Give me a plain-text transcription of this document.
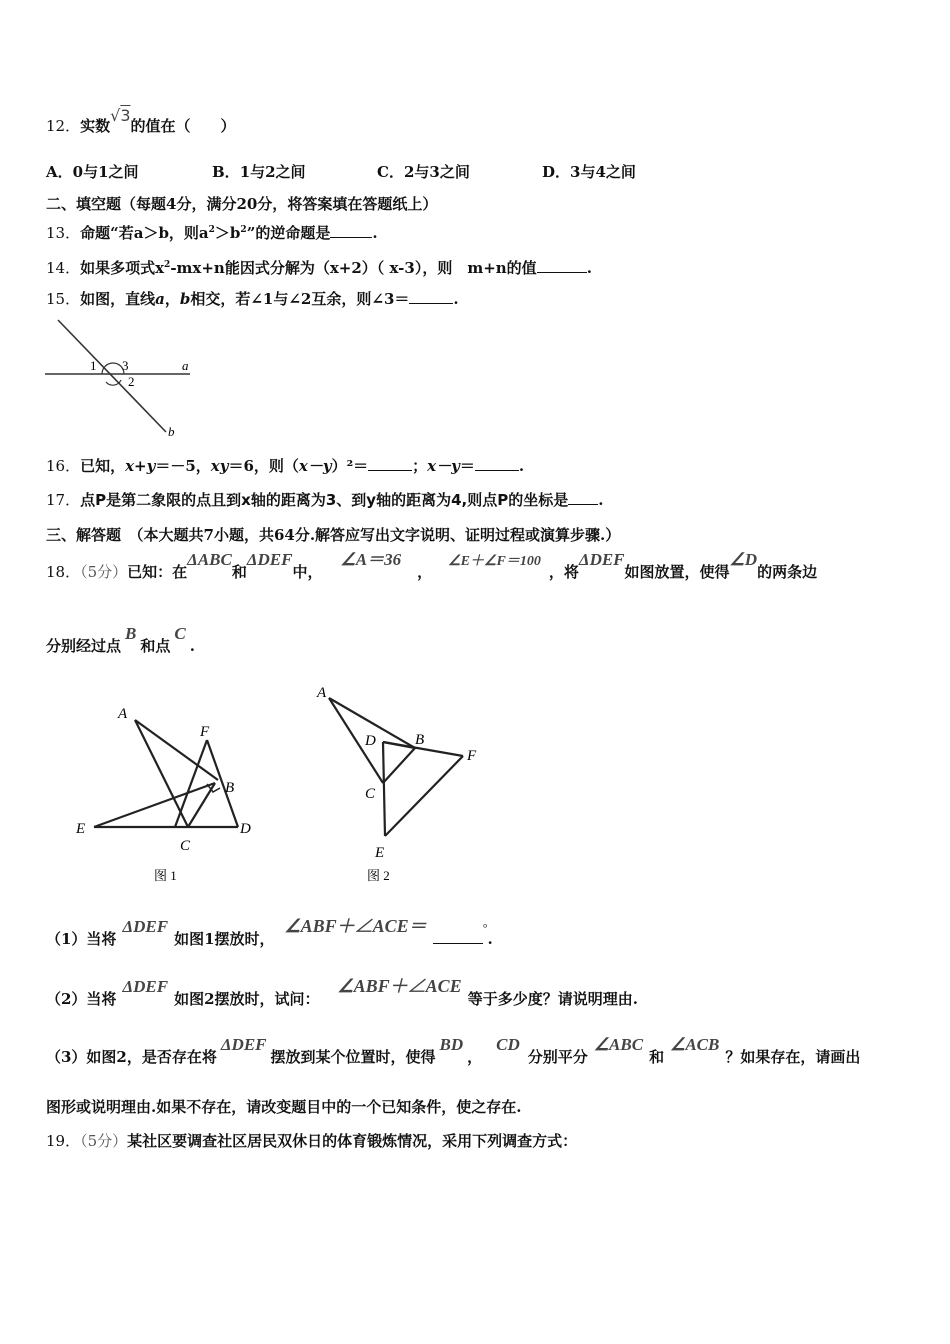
12．实数√3的值在（　　）
A．0与1之间	B．1与2之间	C．2与3之间	D．3与4之间
二、填空题（每题4分，满分20分，将答案填在答题纸上）
13．命题“若a＞b，则$a^2>b^2$”的逆命题是	.
14．如果多项式$x^2-mx+n$能因式分解为（x+2）（ x-3），则　m+n的值	.
15．如图，直线a，b相交，若∠1与∠2互余，则∠3＝	.
1 3
2
a
b
16．已知，x+y＝－5，xy＝6，则（x－y）²＝	；x－y＝	.
17．点P是第二象限的点且到x轴的距离为3、到y轴的距离为4,则点P的坐标是 .
三、解答题　（本大题共7小题，共64分.解答应写出文字说明、证明过程或演算步骤.）
18．（5分）已知：在ΔABC和ΔDEF中，∠A＝36，∠E＋∠F＝100，将ΔDEF如图放置，使得∠D的两条边
分别经过点B和点C.
A
F
B
E
C
D
图 1
A
D	B
F
C
E
图 2
（1）当将ΔDEF如图1摆放时，∠ABF＋∠ACE＝	°.
（2）当将ΔDEF如图2摆放时，试问：∠ABF＋∠ACE等于多少度？请说明理由.
（3）如图2，是否存在将ΔDEF摆放到某个位置时，使得BD，CD分别平分∠ABC和∠ACB？如果存在，请画出
图形或说明理由.如果不存在，请改变题目中的一个已知条件，使之存在.
19．（5分）某社区要调查社区居民双休日的体育锻炼情况，采用下列调查方式：
